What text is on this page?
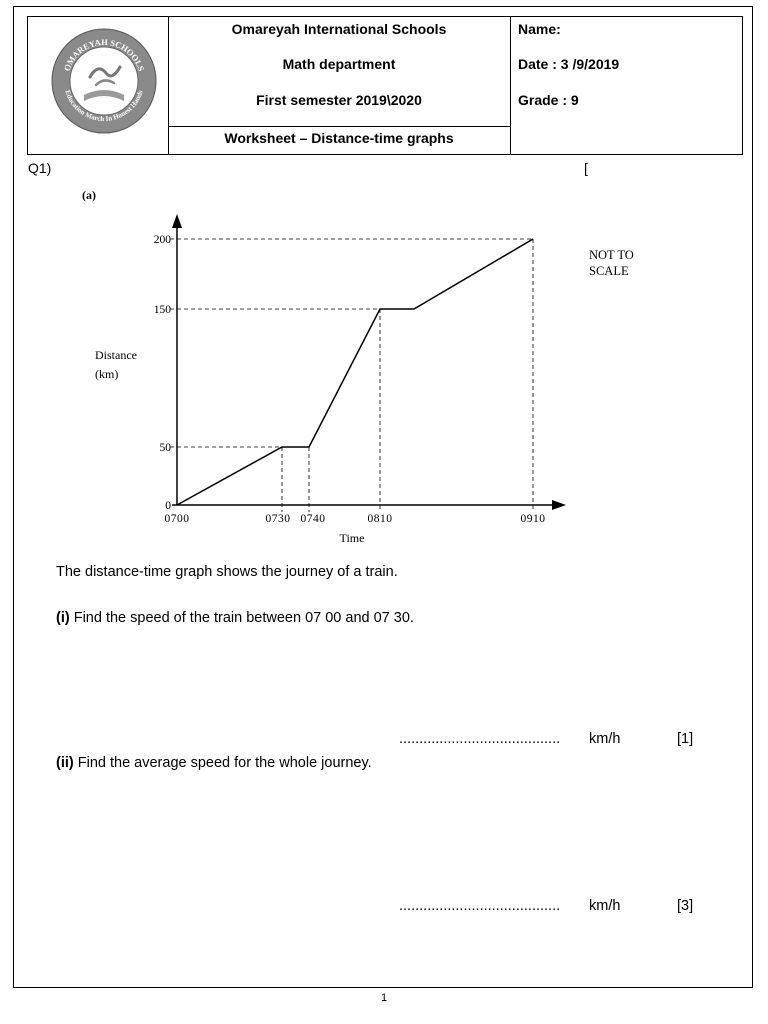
OMAREYAH SCHOOLS
Education March In Honest Hands
Omareyah International Schools
Math department
First semester 2019\2020
Worksheet – Distance-time graphs
Name:
Date : 3 /9/2019
Grade : 9
Q1)	[
(a)
0700	0730 0740	0810	0910
0
50
150
200
Time
Distance
(km)
NOT TO
SCALE
The distance-time graph shows the journey of a train.
(i) Find the speed of the train between 07 00 and 07 30.
........................................ km/h	[1]
(ii) Find the average speed for the whole journey.
........................................ km/h	[3]
1
